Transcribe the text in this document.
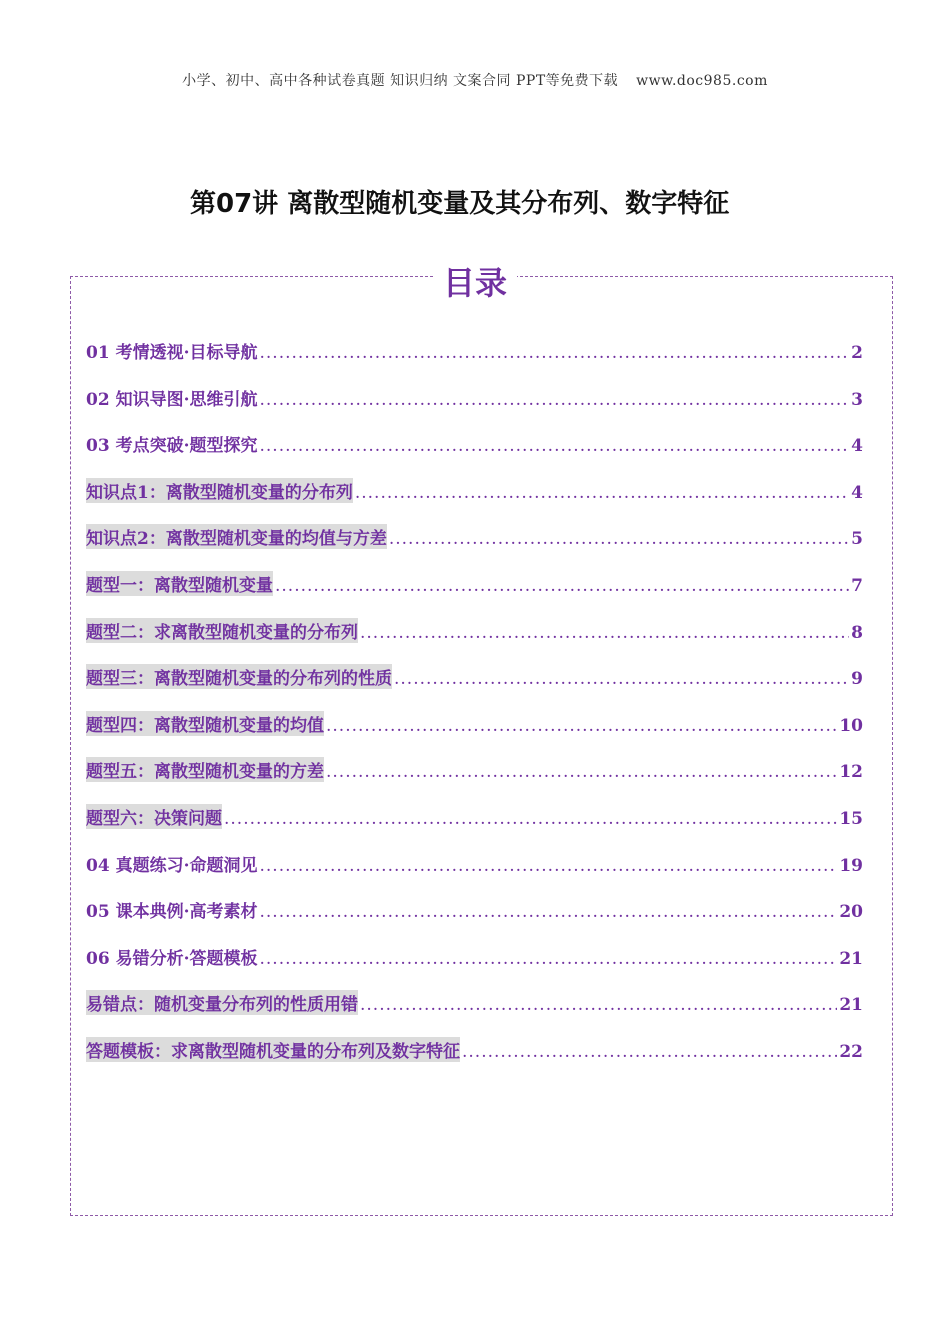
小学、初中、高中各种试卷真题 知识归纳 文案合同 PPT等免费下载 www.doc985.com
第07讲 离散型随机变量及其分布列、数字特征
目录
01 考情透视·目标导航 .....	2
02 知识导图·思维引航 .....	3
03 考点突破·题型探究 .....	4
知识点1：离散型随机变量的分布列 .....	4
知识点2：离散型随机变量的均值与方差 .....	5
题型一：离散型随机变量 .....	7
题型二：求离散型随机变量的分布列 .....	8
题型三：离散型随机变量的分布列的性质 .....	9
题型四：离散型随机变量的均值 .....	10
题型五：离散型随机变量的方差 .....	12
题型六：决策问题 .....	15
04 真题练习·命题洞见 .....	19
05 课本典例·高考素材 .....	20
06 易错分析·答题模板 .....	21
易错点：随机变量分布列的性质用错 .....	21
答题模板：求离散型随机变量的分布列及数字特征 .....	22
